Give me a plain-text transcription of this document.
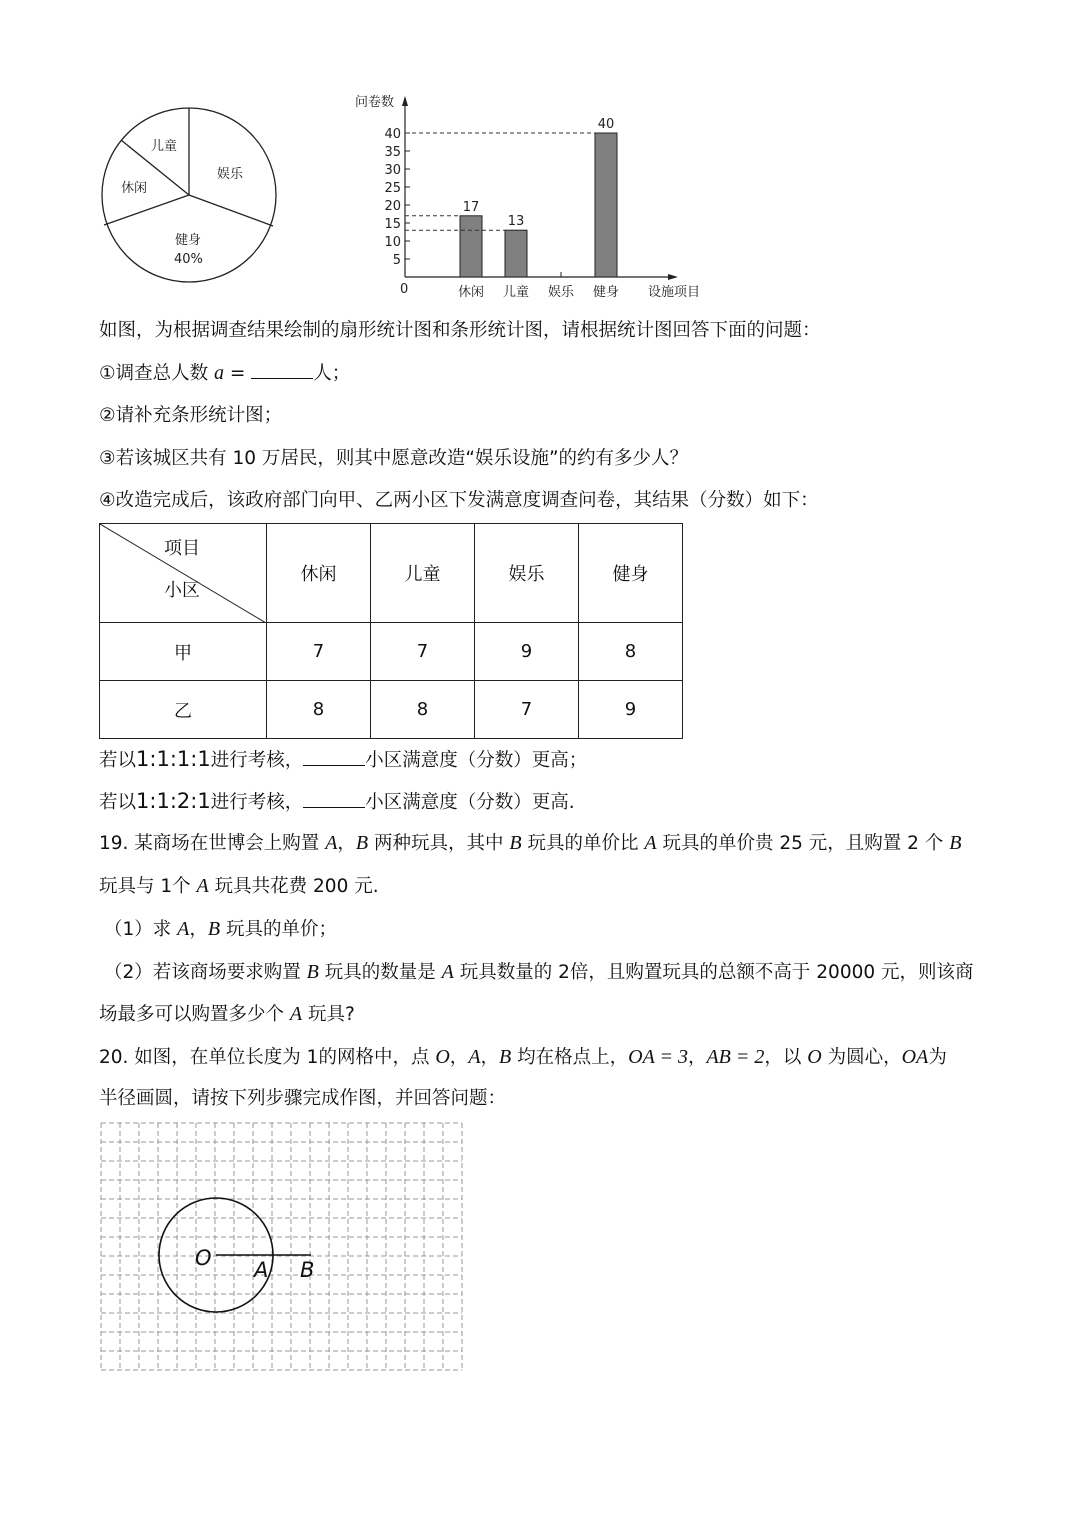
儿童
休闲
娱乐
健身
40%
问卷数
设施项目
0
5
10
15
20
25
30
35
40
休闲
17
儿童
13
娱乐 健身
40
如图，为根据调查结果绘制的扇形统计图和条形统计图，请根据统计图回答下面的问题：
①调查总人数 a =	人；
②请补充条形统计图；
③若该城区共有 10 万居民，则其中愿意改造“娱乐设施”的约有多少人？
④改造完成后，该政府部门向甲、乙两小区下发满意度调查问卷，其结果（分数）如下：
项目
小区	休闲	儿童	娱乐	健身
甲	7	7	9	8
乙	8	8	7	9
若以1:1:1:1进行考核，	小区满意度（分数）更高；
若以1:1:2:1进行考核，	小区满意度（分数）更高.
19. 某商场在世博会上购置 A，B 两种玩具，其中 B 玩具的单价比 A 玩具的单价贵 25 元，且购置 2 个 B
玩具与 1个 A 玩具共花费 200 元.
（1）求 A，B 玩具的单价；
（2）若该商场要求购置 B 玩具的数量是 A 玩具数量的 2倍，且购置玩具的总额不高于 20000 元，则该商
场最多可以购置多少个 A 玩具?
20. 如图，在单位长度为 1的网格中，点 O，A，B 均在格点上，OA = 3，AB = 2，以 O 为圆心，OA为
半径画圆，请按下列步骤完成作图，并回答问题：
O A B
